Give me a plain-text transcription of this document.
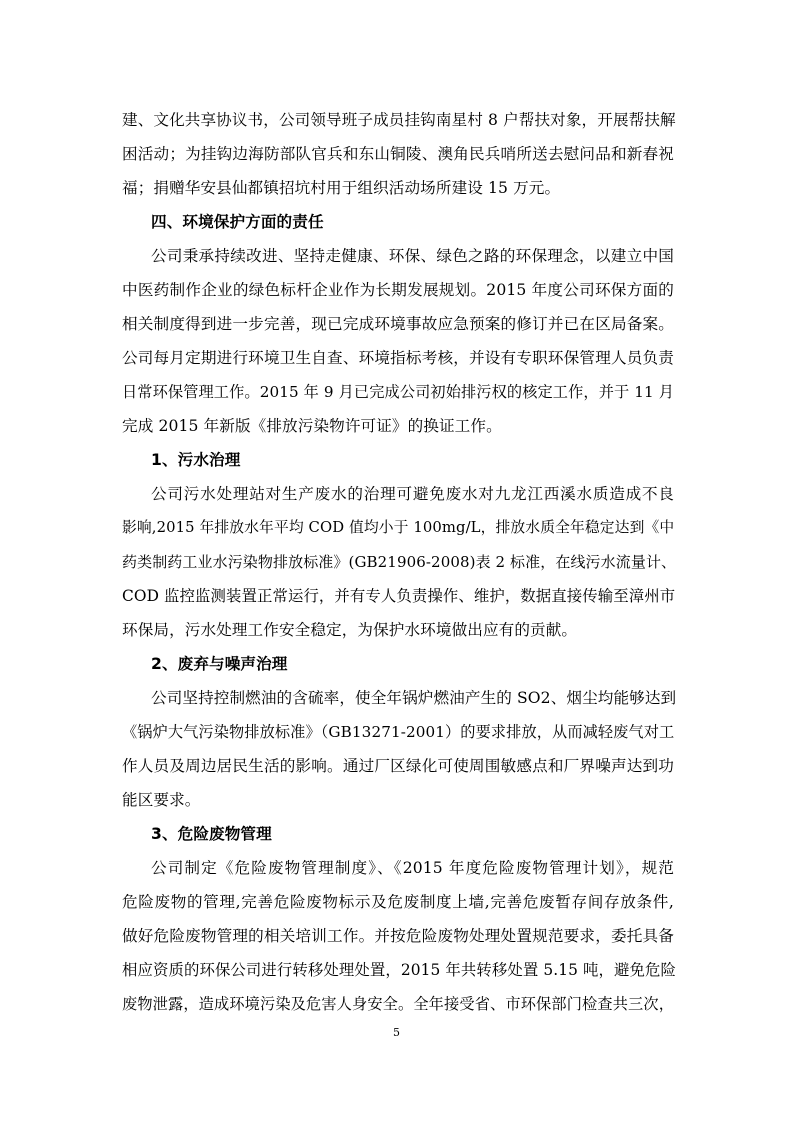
建、文化共享协议书，公司领导班子成员挂钩南星村 8 户帮扶对象，开展帮扶解
困活动；为挂钩边海防部队官兵和东山铜陵、澳角民兵哨所送去慰问品和新春祝
福；捐赠华安县仙都镇招坑村用于组织活动场所建设 15 万元。
四、环境保护方面的责任
公司秉承持续改进、坚持走健康、环保、绿色之路的环保理念，以建立中国
中医药制作企业的绿色标杆企业作为长期发展规划。2015 年度公司环保方面的
相关制度得到进一步完善，现已完成环境事故应急预案的修订并已在区局备案。
公司每月定期进行环境卫生自查、环境指标考核，并设有专职环保管理人员负责
日常环保管理工作。2015 年 9 月已完成公司初始排污权的核定工作，并于 11 月
完成 2015 年新版《排放污染物许可证》的换证工作。
1、污水治理
公司污水处理站对生产废水的治理可避免废水对九龙江西溪水质造成不良
影响,2015 年排放水年平均 COD 值均小于 100mg/L，排放水质全年稳定达到《中
药类制药工业水污染物排放标准》(GB21906-2008)表 2 标准，在线污水流量计、
COD 监控监测装置正常运行，并有专人负责操作、维护，数据直接传输至漳州市
环保局，污水处理工作安全稳定，为保护水环境做出应有的贡献。
2、废弃与噪声治理
公司坚持控制燃油的含硫率，使全年锅炉燃油产生的 SO2、烟尘均能够达到
《锅炉大气污染物排放标准》（GB13271-2001）的要求排放，从而减轻废气对工
作人员及周边居民生活的影响。通过厂区绿化可使周围敏感点和厂界噪声达到功
能区要求。
3、危险废物管理
公司制定《危险废物管理制度》、《2015 年度危险废物管理计划》，规范
危险废物的管理,完善危险废物标示及危废制度上墙,完善危废暂存间存放条件,
做好危险废物管理的相关培训工作。并按危险废物处理处置规范要求，委托具备
相应资质的环保公司进行转移处理处置，2015 年共转移处置 5.15 吨，避免危险
废物泄露，造成环境污染及危害人身安全。全年接受省、市环保部门检查共三次，
5
